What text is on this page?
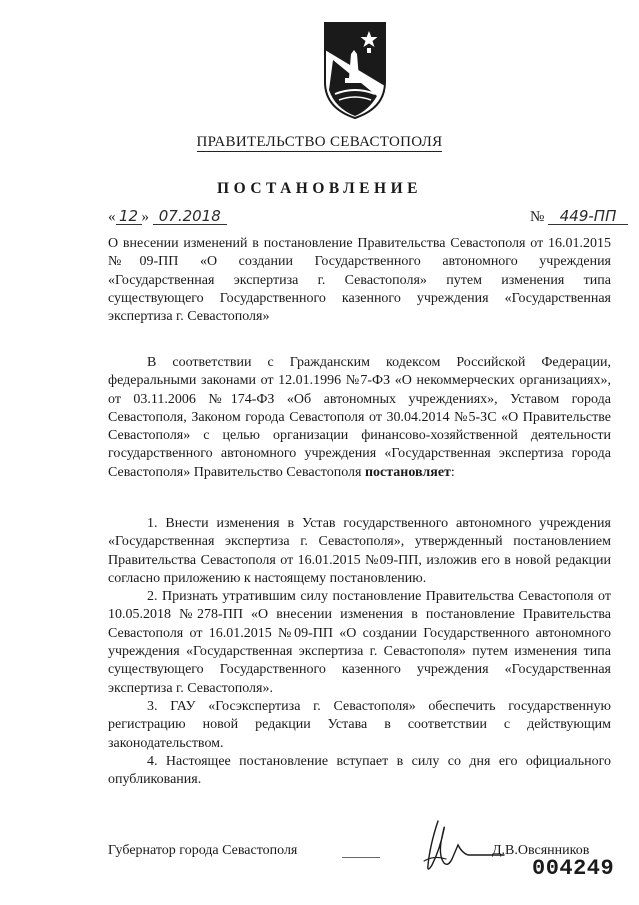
ПРАВИТЕЛЬСТВО СЕВАСТОПОЛЯ
ПОСТАНОВЛЕНИЕ
« 12 » 07.2018	№ 449-ПП

О внесении изменений в постановление Правительства Севастополя от 16.01.2015 №09-ПП «О создании Государственного автономного учреждения «Государственная экспертиза г. Севастополя» путем изменения типа существующего Государственного казенного учреждения «Государственная экспертиза г. Севастополя»

В соответствии с Гражданским кодексом Российской Федерации, федеральными законами от 12.01.1996 №7-ФЗ «О некоммерческих организациях», от 03.11.2006 №174-ФЗ «Об автономных учреждениях», Уставом города Севастополя, Законом города Севастополя от 30.04.2014 №5-ЗС «О Правительстве Севастополя» с целью организации финансово-хозяйственной деятельности государственного автономного учреждения «Государственная экспертиза города Севастополя» Правительство Севастополя постановляет:

1. Внести изменения в Устав государственного автономного учреждения «Государственная экспертиза г. Севастополя», утвержденный постановлением Правительства Севастополя от 16.01.2015 №09-ПП, изложив его в новой редакции согласно приложению к настоящему постановлению.

2. Признать утратившим силу постановление Правительства Севастополя от 10.05.2018 №278-ПП «О внесении изменения в постановление Правительства Севастополя от 16.01.2015 №09-ПП «О создании Государственного автономного учреждения «Государственная экспертиза г. Севастополя» путем изменения типа существующего Государственного казенного учреждения «Государственная экспертиза г. Севастополя».

3. ГАУ «Госэкспертиза г. Севастополя» обеспечить государственную регистрацию новой редакции Устава в соответствии с действующим законодательством.

4. Настоящее постановление вступает в силу со дня его официального опубликования.

Губернатор города Севастополя	Д.В.Овсянников
004249
